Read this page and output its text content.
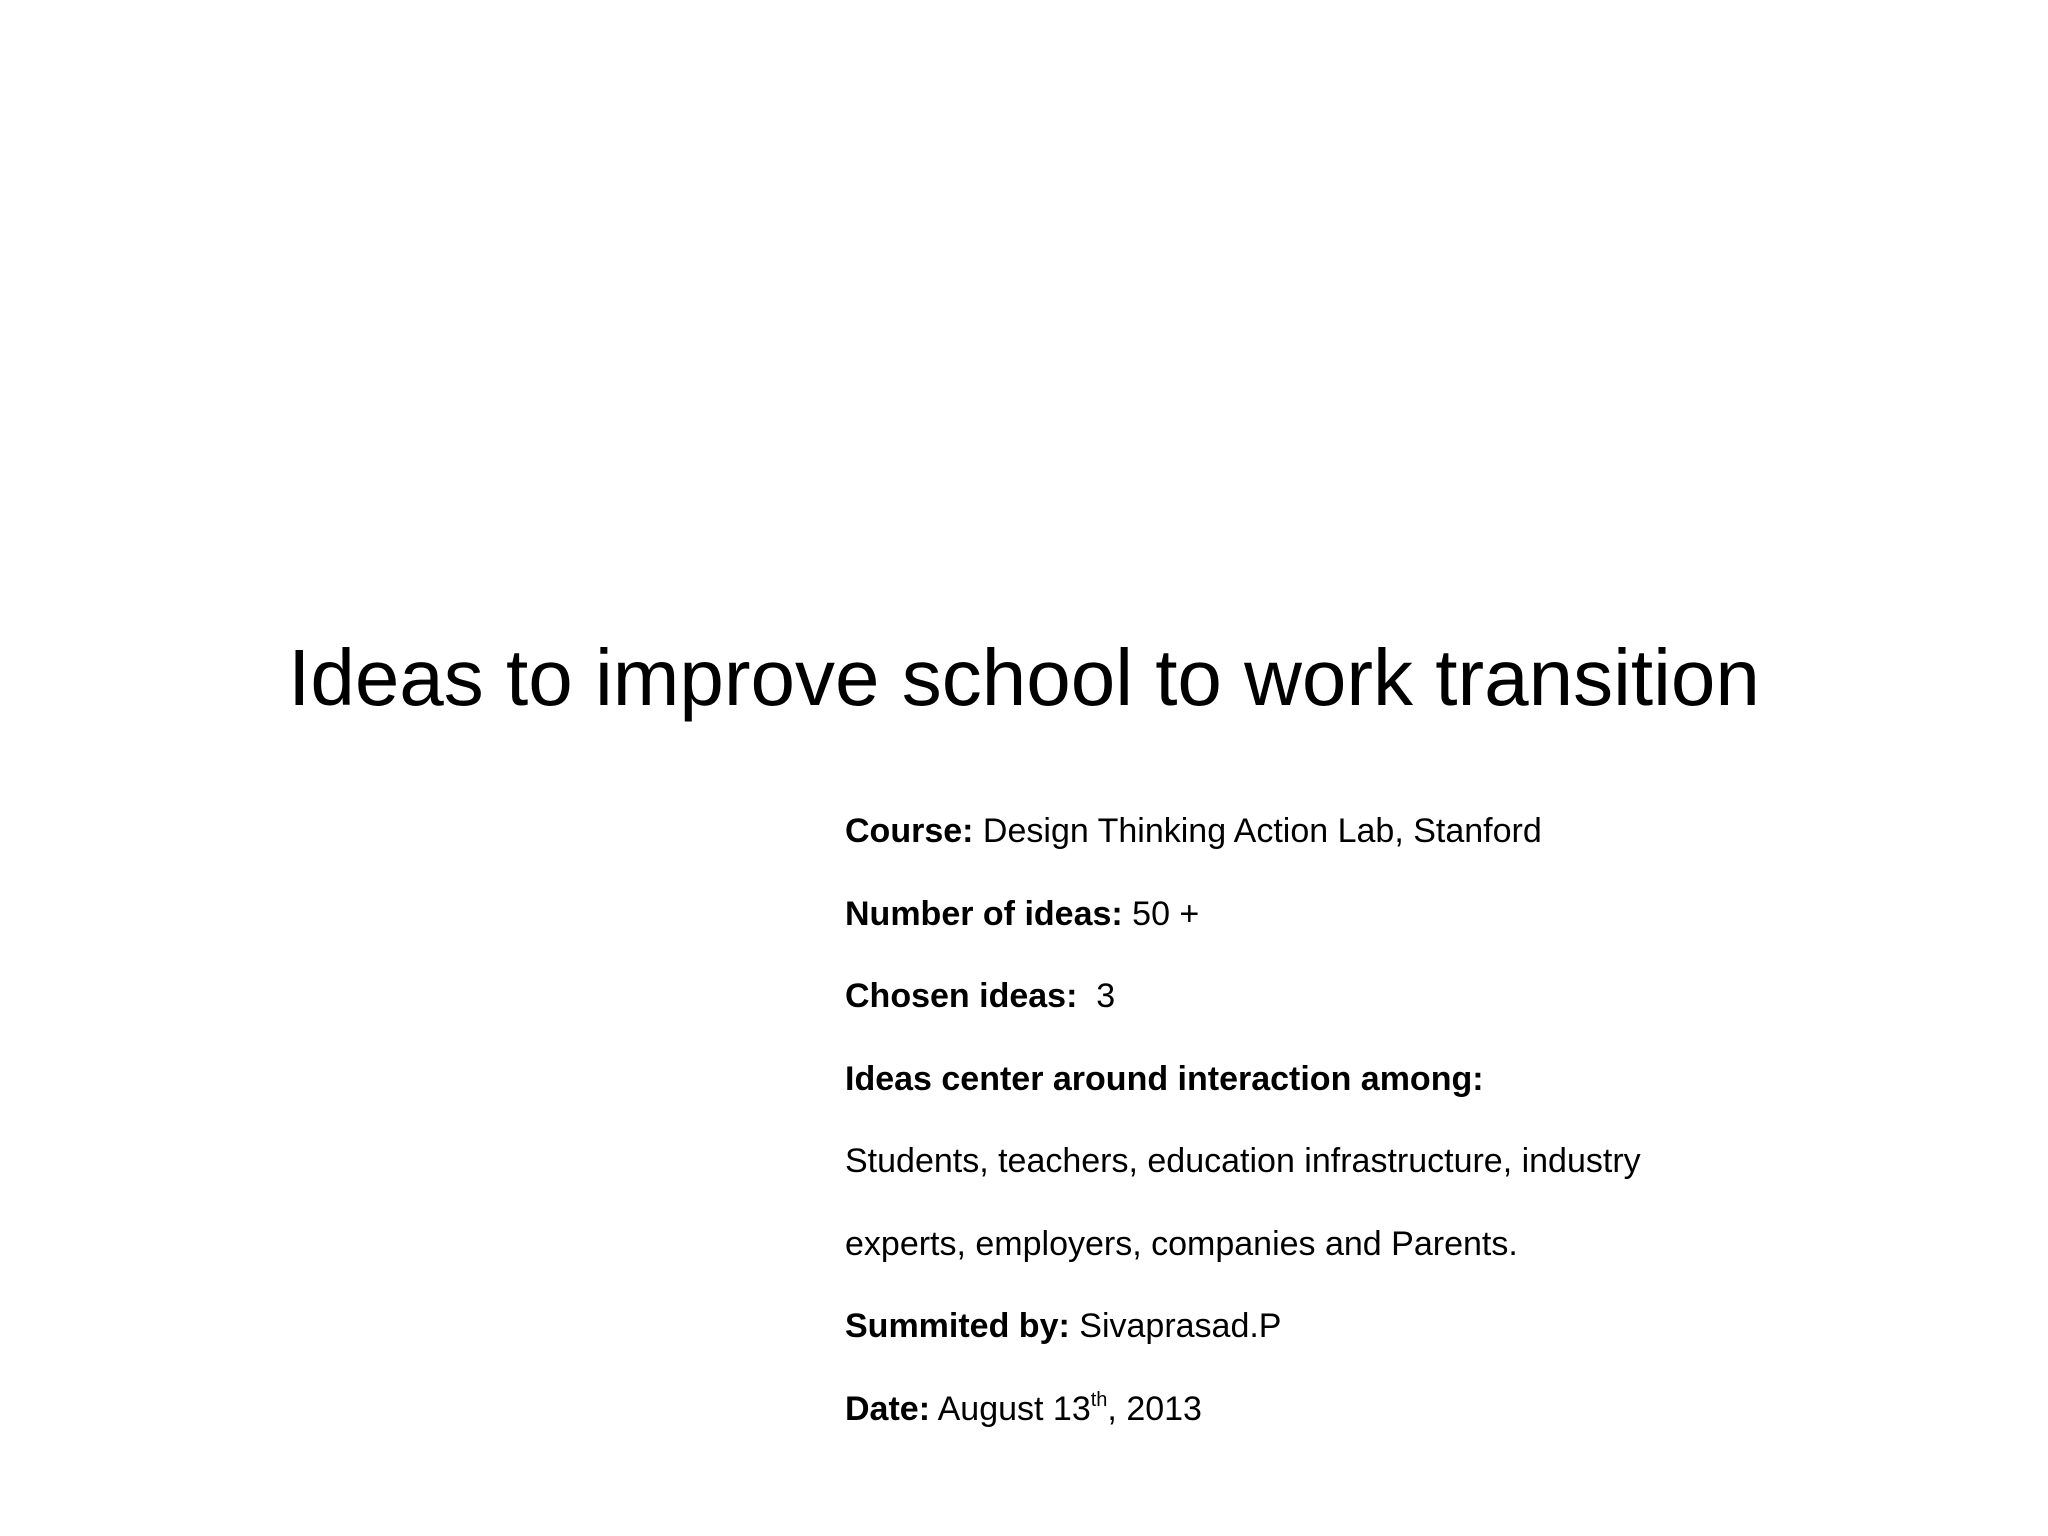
Ideas to improve school to work transition
Course: Design Thinking Action Lab, Stanford
Number of ideas: 50 +
Chosen ideas: 3
Ideas center around interaction among:
Students, teachers, education infrastructure, industry
experts, employers, companies and Parents.
Summited by: Sivaprasad.P
Date: August 13th, 2013
